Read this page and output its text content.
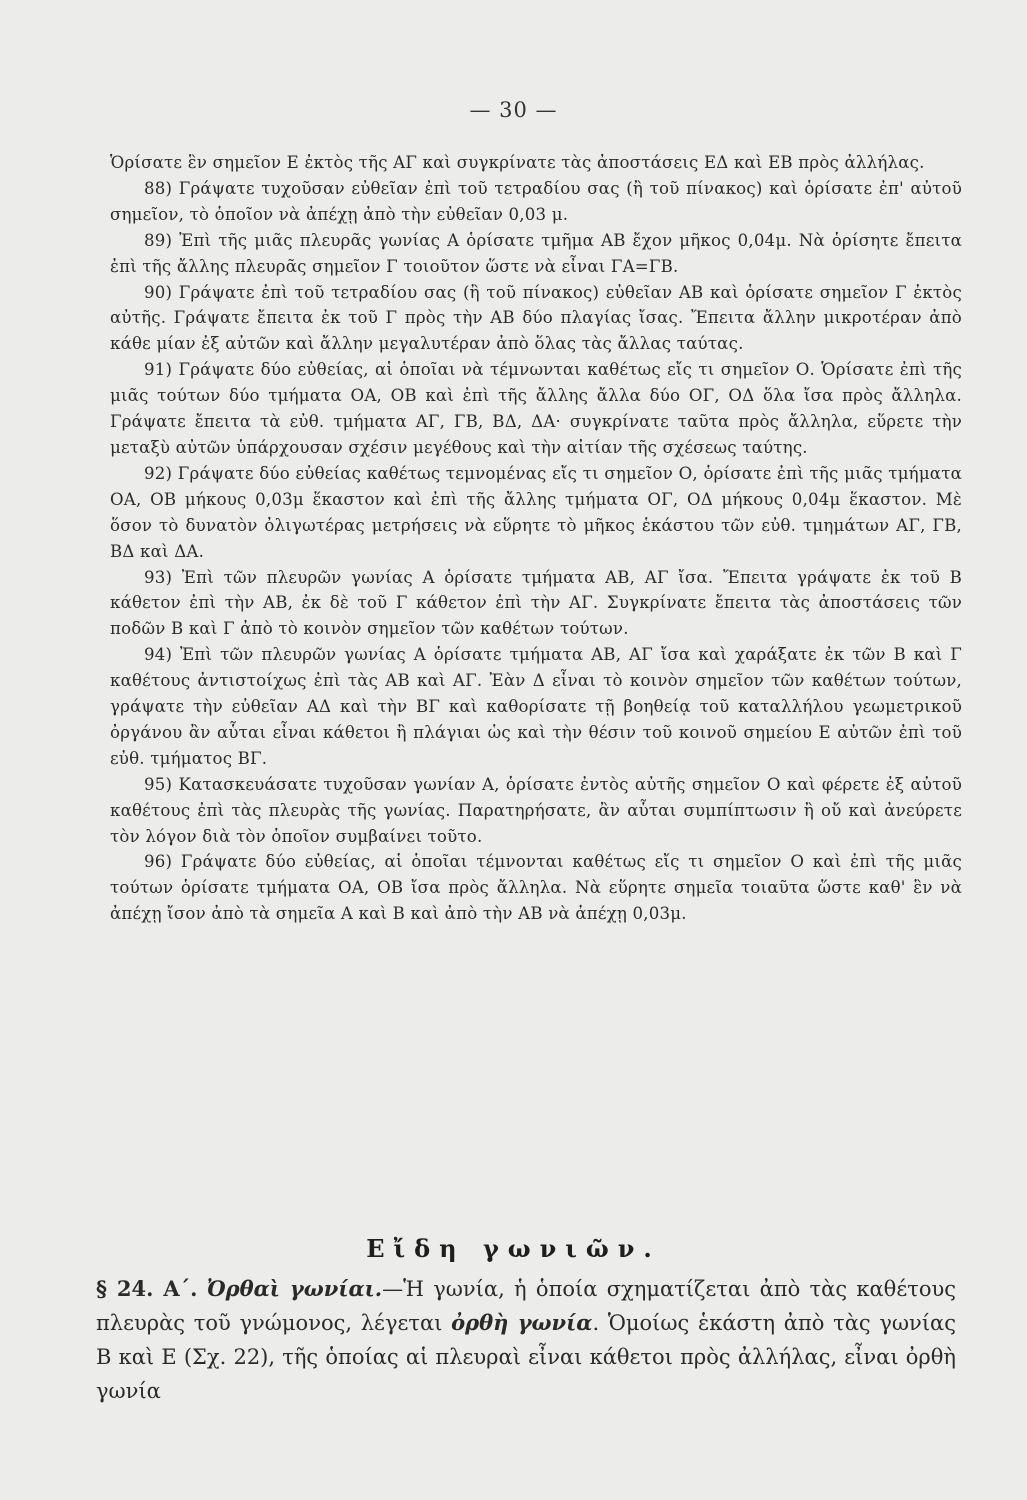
— 30 —

Ὁρίσατε ἓν σημεῖον Ε ἐκτὸς τῆς ΑΓ καὶ συγκρίνατε τὰς ἀποστάσεις ΕΔ καὶ ΕΒ πρὸς ἀλλήλας.

88) Γράψατε τυχοῦσαν εὐθεῖαν ἐπὶ τοῦ τετραδίου σας (ἢ τοῦ πίνακος) καὶ ὁρίσατε ἐπ' αὐτοῦ σημεῖον, τὸ ὁποῖον νὰ ἀπέχῃ ἀπὸ τὴν εὐθεῖαν 0,03 μ.

89) Ἐπὶ τῆς μιᾶς πλευρᾶς γωνίας Α ὁρίσατε τμῆμα ΑΒ ἔχον μῆκος 0,04μ. Νὰ ὁρίσητε ἔπειτα ἐπὶ τῆς ἄλλης πλευρᾶς σημεῖον Γ τοιοῦτον ὥστε νὰ εἶναι ΓΑ=ΓΒ.

90) Γράψατε ἐπὶ τοῦ τετραδίου σας (ἢ τοῦ πίνακος) εὐθεῖαν ΑΒ καὶ ὁρίσατε σημεῖον Γ ἐκτὸς αὐτῆς. Γράψατε ἔπειτα ἐκ τοῦ Γ πρὸς τὴν ΑΒ δύο πλαγίας ἴσας. Ἔπειτα ἄλλην μικροτέραν ἀπὸ κάθε μίαν ἐξ αὐτῶν καὶ ἄλλην μεγαλυτέραν ἀπὸ ὅλας τὰς ἄλλας ταύτας.

91) Γράψατε δύο εὐθείας, αἱ ὁποῖαι νὰ τέμνωνται καθέτως εἴς τι σημεῖον Ο. Ὁρίσατε ἐπὶ τῆς μιᾶς τούτων δύο τμήματα ΟΑ, ΟΒ καὶ ἐπὶ τῆς ἄλλης ἄλλα δύο ΟΓ, ΟΔ ὅλα ἴσα πρὸς ἄλληλα. Γράψατε ἔπειτα τὰ εὐθ. τμήματα ΑΓ, ΓΒ, ΒΔ, ΔΑ· συγκρίνατε ταῦτα πρὸς ἄλληλα, εὕρετε τὴν μεταξὺ αὐτῶν ὑπάρχουσαν σχέσιν μεγέθους καὶ τὴν αἰτίαν τῆς σχέσεως ταύτης.

92) Γράψατε δύο εὐθείας καθέτως τεμνομένας εἴς τι σημεῖον Ο, ὁρίσατε ἐπὶ τῆς μιᾶς τμήματα ΟΑ, ΟΒ μήκους 0,03μ ἕκαστον καὶ ἐπὶ τῆς ἄλλης τμήματα ΟΓ, ΟΔ μήκους 0,04μ ἕκαστον. Μὲ ὅσον τὸ δυνατὸν ὀλιγωτέρας μετρήσεις νὰ εὕρητε τὸ μῆκος ἑκάστου τῶν εὐθ. τμημάτων ΑΓ, ΓΒ, ΒΔ καὶ ΔΑ.

93) Ἐπὶ τῶν πλευρῶν γωνίας Α ὁρίσατε τμήματα ΑΒ, ΑΓ ἴσα. Ἔπειτα γράψατε ἐκ τοῦ Β κάθετον ἐπὶ τὴν ΑΒ, ἐκ δὲ τοῦ Γ κάθετον ἐπὶ τὴν ΑΓ. Συγκρίνατε ἔπειτα τὰς ἀποστάσεις τῶν ποδῶν Β καὶ Γ ἀπὸ τὸ κοινὸν σημεῖον τῶν καθέτων τούτων.

94) Ἐπὶ τῶν πλευρῶν γωνίας Α ὁρίσατε τμήματα ΑΒ, ΑΓ ἴσα καὶ χαράξατε ἐκ τῶν Β καὶ Γ καθέτους ἀντιστοίχως ἐπὶ τὰς ΑΒ καὶ ΑΓ. Ἐὰν Δ εἶναι τὸ κοινὸν σημεῖον τῶν καθέτων τούτων, γράψατε τὴν εὐθεῖαν ΑΔ καὶ τὴν ΒΓ καὶ καθορίσατε τῇ βοηθείᾳ τοῦ καταλλήλου γεωμετρικοῦ ὀργάνου ἂν αὗται εἶναι κάθετοι ἢ πλάγιαι ὡς καὶ τὴν θέσιν τοῦ κοινοῦ σημείου Ε αὐτῶν ἐπὶ τοῦ εὐθ. τμήματος ΒΓ.

95) Κατασκευάσατε τυχοῦσαν γωνίαν Α, ὁρίσατε ἐντὸς αὐτῆς σημεῖον Ο καὶ φέρετε ἐξ αὐτοῦ καθέτους ἐπὶ τὰς πλευρὰς τῆς γωνίας. Παρατηρήσατε, ἂν αὗται συμπίπτωσιν ἢ οὔ καὶ ἀνεύρετε τὸν λόγον διὰ τὸν ὁποῖον συμβαίνει τοῦτο.

96) Γράψατε δύο εὐθείας, αἱ ὁποῖαι τέμνονται καθέτως εἴς τι σημεῖον Ο καὶ ἐπὶ τῆς μιᾶς τούτων ὁρίσατε τμήματα ΟΑ, ΟΒ ἴσα πρὸς ἄλληλα. Νὰ εὕρητε σημεῖα τοιαῦτα ὥστε καθ' ἓν νὰ ἀπέχῃ ἴσον ἀπὸ τὰ σημεῖα Α καὶ Β καὶ ἀπὸ τὴν ΑΒ νὰ ἀπέχῃ 0,03μ.

Εἴδη γωνιῶν.

§ 24. Α΄. Ὀρθαὶ γωνίαι.—Ἡ γωνία, ἡ ὁποία σχηματίζεται ἀπὸ τὰς καθέτους πλευρὰς τοῦ γνώμονος, λέγεται ὀρθὴ γωνία. Ὁμοίως ἑκάστη ἀπὸ τὰς γωνίας Β καὶ Ε (Σχ. 22), τῆς ὁποίας αἱ πλευραὶ εἶναι κάθετοι πρὸς ἀλλήλας, εἶναι ὀρθὴ γωνία
